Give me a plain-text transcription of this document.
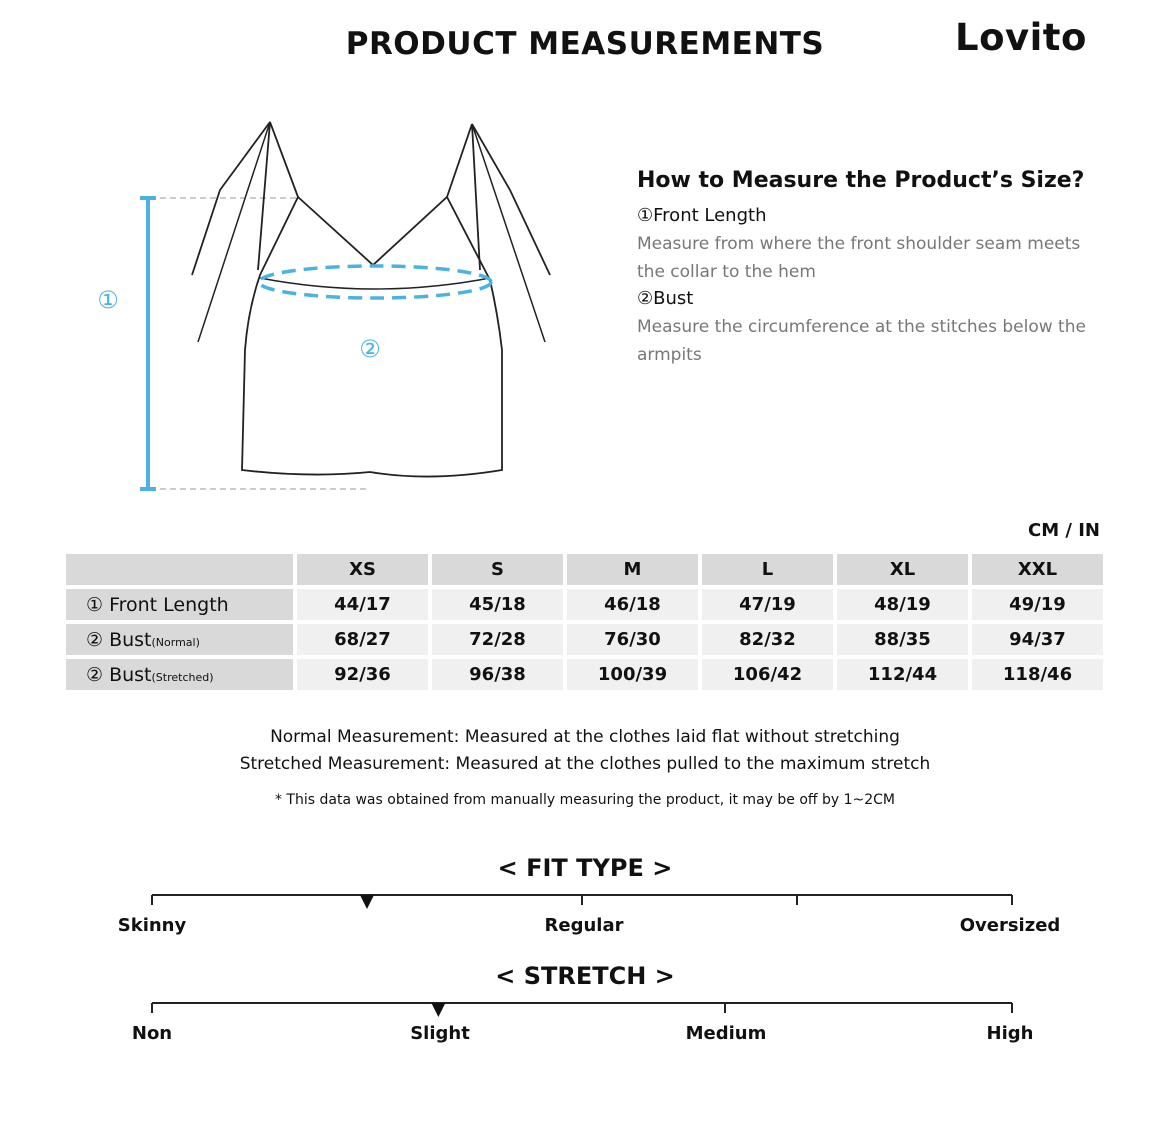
PRODUCT MEASUREMENTS	Lovito
①
②

How to Measure the Product’s Size?

①Front Length

Measure from where the front shoulder seam meets the collar to the hem

②Bust

Measure the circumference at the stitches below the armpits

CM / IN
	XS	S	M	L	XL	XXL
① Front Length	44/17	45/18	46/18	47/19	48/19	49/19
② Bust(Normal)	68/27	72/28	76/30	82/32	88/35	94/37
② Bust(Stretched)	92/36	96/38	100/39	106/42	112/44	118/46

Normal Measurement: Measured at the clothes laid flat without stretching

Stretched Measurement: Measured at the clothes pulled to the maximum stretch

* This data was obtained from manually measuring the product, it may be off by 1~2CM

< FIT TYPE >
Skinny	Regular	Oversized
< STRETCH >
Non	Slight	Medium	High
